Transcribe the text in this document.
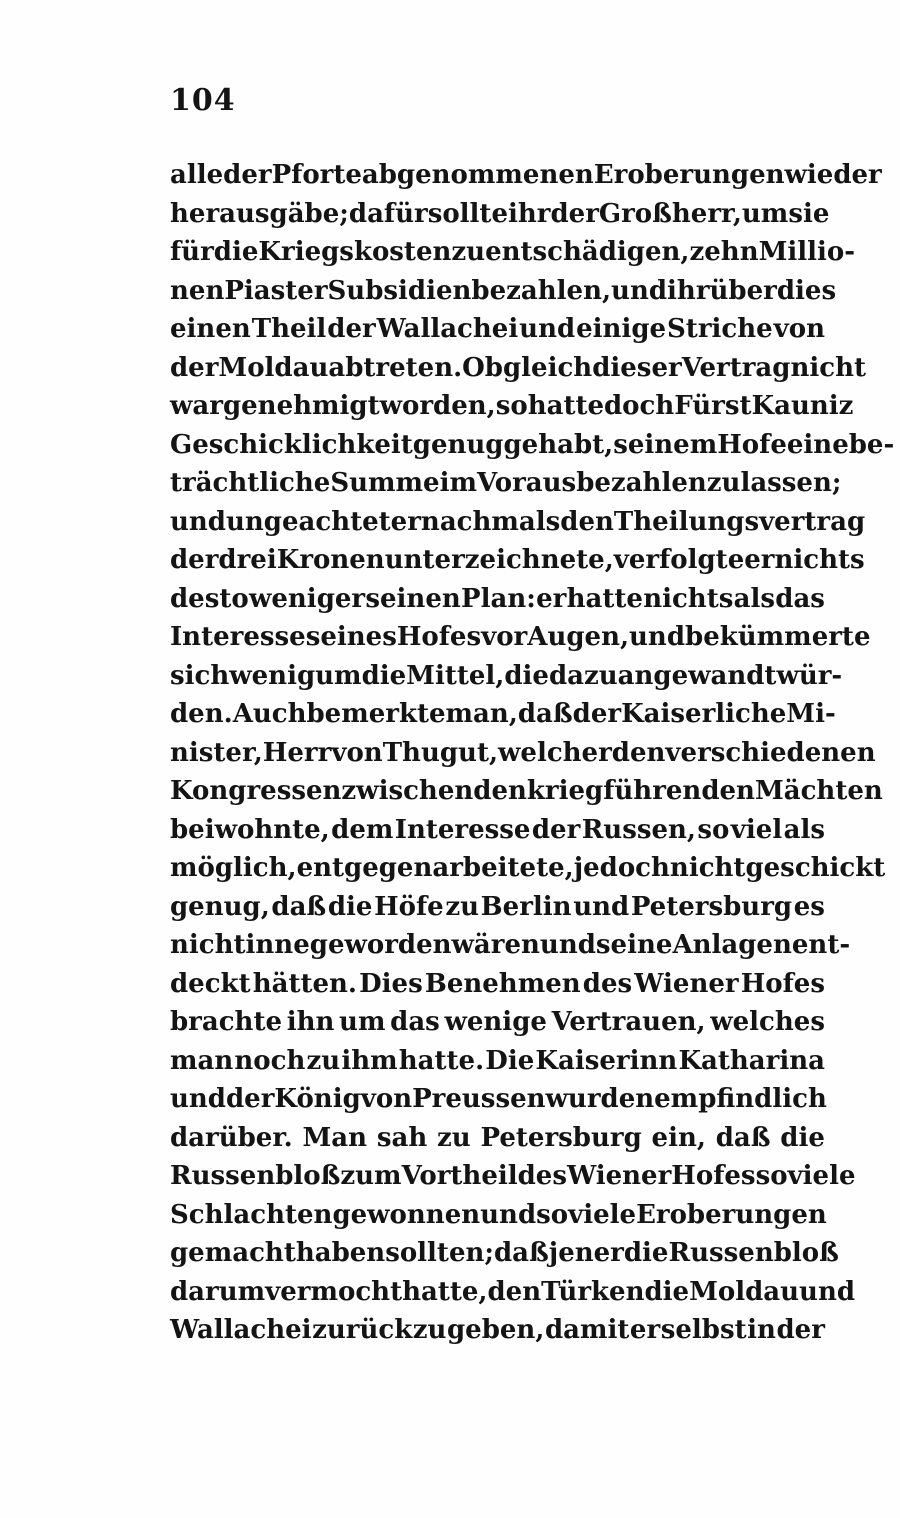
104
alle der Pforte abgenommenen Eroberungen wieder
herausgäbe; dafür sollte ihr der Großherr, um sie
für die Kriegskosten zu entschädigen, zehn Millio-
nen Piaster Subsidien bezahlen, und ihr überdies
einen Theil der Wallachei und einige Striche von
der Moldau abtreten. Obgleich dieser Vertrag nicht
war genehmigt worden, so hatte doch Fürst Kauniz
Geschicklichkeit genug gehabt, seinem Hofe eine be-
trächtliche Summe im Voraus bezahlen zu lassen;
und ungeachtet er nachmals den Theilungsvertrag
der drei Kronen unterzeichnete, verfolgte er nichts
desto weniger seinen Plan: er hatte nichts als das
Interesse seines Hofes vor Augen, und bekümmerte
sich wenig um die Mittel, die dazu angewandt wür-
den. Auch bemerkte man, daß der Kaiserliche Mi-
nister, Herr von Thugut, welcher den verschiedenen
Kongressen zwischen den kriegführenden Mächten
beiwohnte, dem Interesse der Russen, so viel als
möglich, entgegen arbeitete, jedoch nicht geschickt
genug, daß die Höfe zu Berlin und Petersburg es
nicht inne geworden wären und seine Anlagen ent-
deckt hätten. Dies Benehmen des Wiener Hofes
brachte ihn um das wenige Vertrauen, welches
man noch zu ihm hatte. Die Kaiserinn Katharina
und der König von Preussen wurden empfindlich
darüber. Man sah zu Petersburg ein, daß die
Russen bloß zum Vortheil des Wiener Hofes so viele
Schlachten gewonnen und so viele Eroberungen
gemacht haben sollten; daß jener die Russen bloß
darum vermocht hatte, den Türken die Moldau und
Wallachei zurück zu geben, damit er selbst in der
